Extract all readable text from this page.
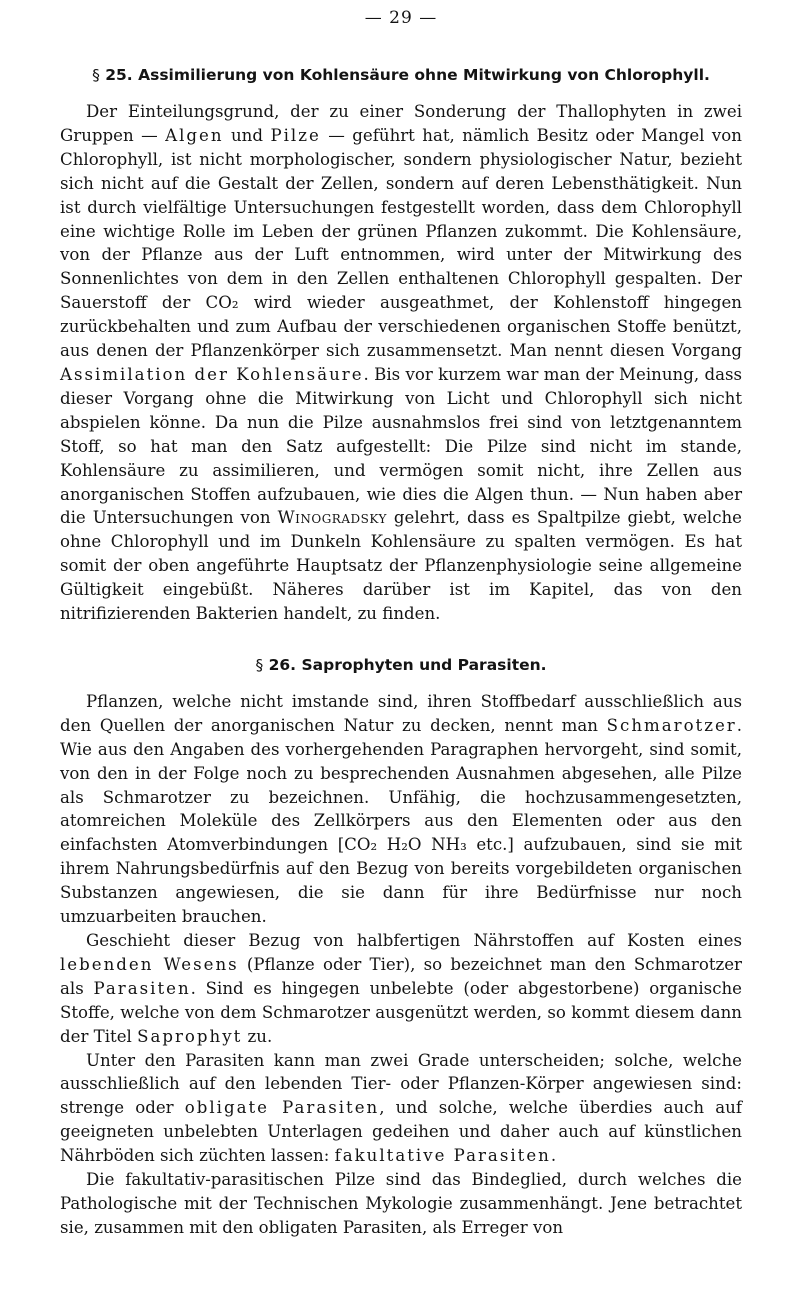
— 29 —
§ 25. Assimilierung von Kohlensäure ohne Mitwirkung von Chlorophyll.

Der Einteilungsgrund, der zu einer Sonderung der Thallophyten in zwei Gruppen — Algen und Pilze — geführt hat, nämlich Besitz oder Mangel von Chlorophyll, ist nicht morphologischer, sondern physiologischer Natur, bezieht sich nicht auf die Gestalt der Zellen, sondern auf deren Lebensthätigkeit. Nun ist durch vielfältige Untersuchungen festgestellt worden, dass dem Chlorophyll eine wichtige Rolle im Leben der grünen Pflanzen zukommt. Die Kohlensäure, von der Pflanze aus der Luft entnommen, wird unter der Mitwirkung des Sonnenlichtes von dem in den Zellen enthaltenen Chlorophyll gespalten. Der Sauerstoff der CO₂ wird wieder ausgeathmet, der Kohlenstoff hingegen zurückbehalten und zum Aufbau der verschiedenen organischen Stoffe benützt, aus denen der Pflanzenkörper sich zusammensetzt. Man nennt diesen Vorgang Assimilation der Kohlensäure. Bis vor kurzem war man der Meinung, dass dieser Vorgang ohne die Mitwirkung von Licht und Chlorophyll sich nicht abspielen könne. Da nun die Pilze ausnahmslos frei sind von letztgenanntem Stoff, so hat man den Satz aufgestellt: Die Pilze sind nicht im stande, Kohlensäure zu assimilieren, und vermögen somit nicht, ihre Zellen aus anorganischen Stoffen aufzubauen, wie dies die Algen thun. — Nun haben aber die Untersuchungen von Winogradsky gelehrt, dass es Spaltpilze giebt, welche ohne Chlorophyll und im Dunkeln Kohlensäure zu spalten vermögen. Es hat somit der oben angeführte Hauptsatz der Pflanzenphysiologie seine allgemeine Gültigkeit eingebüßt. Näheres darüber ist im Kapitel, das von den nitrifizierenden Bakterien handelt, zu finden.

§ 26. Saprophyten und Parasiten.

Pflanzen, welche nicht imstande sind, ihren Stoffbedarf ausschließlich aus den Quellen der anorganischen Natur zu decken, nennt man Schmarotzer. Wie aus den Angaben des vorhergehenden Paragraphen hervorgeht, sind somit, von den in der Folge noch zu besprechenden Ausnahmen abgesehen, alle Pilze als Schmarotzer zu bezeichnen. Unfähig, die hochzusammengesetzten, atomreichen Moleküle des Zellkörpers aus den Elementen oder aus den einfachsten Atomverbindungen [CO₂ H₂O NH₃ etc.] aufzubauen, sind sie mit ihrem Nahrungsbedürfnis auf den Bezug von bereits vorgebildeten organischen Substanzen angewiesen, die sie dann für ihre Bedürfnisse nur noch umzuarbeiten brauchen.

Geschieht dieser Bezug von halbfertigen Nährstoffen auf Kosten eines lebenden Wesens (Pflanze oder Tier), so bezeichnet man den Schmarotzer als Parasiten. Sind es hingegen unbelebte (oder abgestorbene) organische Stoffe, welche von dem Schmarotzer ausgenützt werden, so kommt diesem dann der Titel Saprophyt zu.

Unter den Parasiten kann man zwei Grade unterscheiden; solche, welche ausschließlich auf den lebenden Tier- oder Pflanzen-Körper angewiesen sind: strenge oder obligate Parasiten, und solche, welche überdies auch auf geeigneten unbelebten Unterlagen gedeihen und daher auch auf künstlichen Nährböden sich züchten lassen: fakultative Parasiten.

Die fakultativ-parasitischen Pilze sind das Bindeglied, durch welches die Pathologische mit der Technischen Mykologie zusammenhängt. Jene betrachtet sie, zusammen mit den obligaten Parasiten, als Erreger von
